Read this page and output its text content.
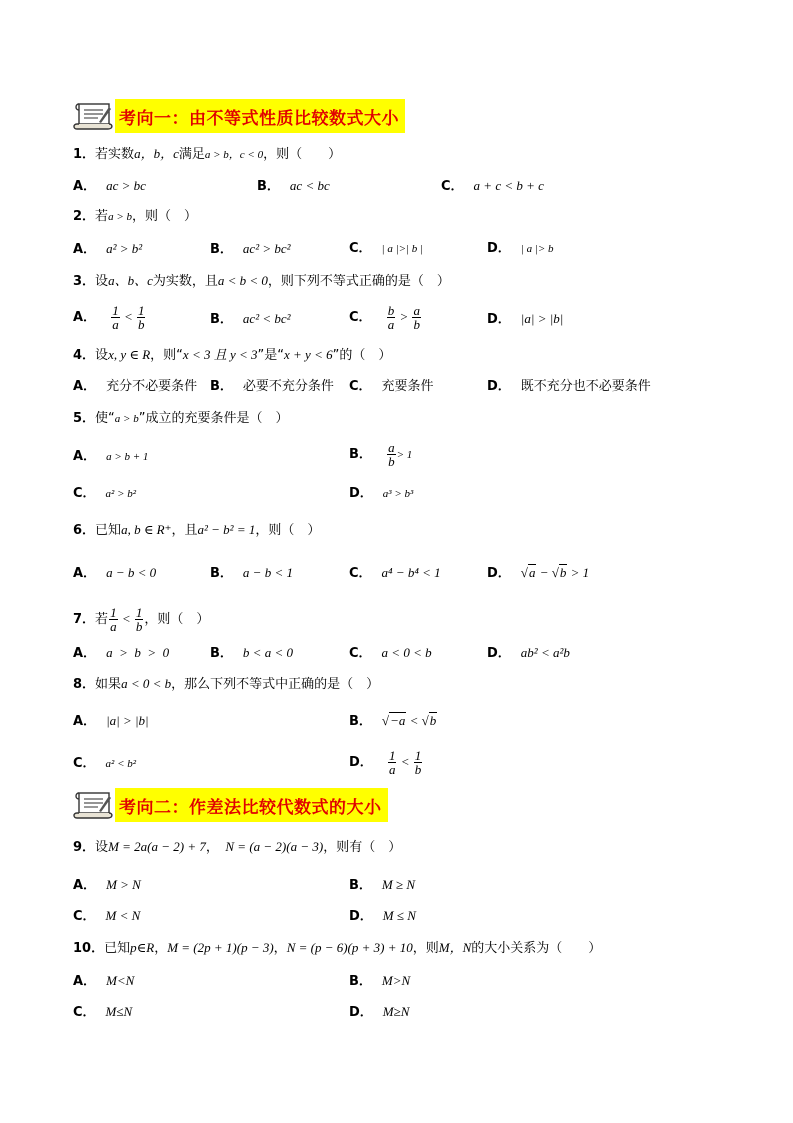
考向一：由不等式性质比较数式大小
1．若实数a，b，c满足a > b，c < 0，则（　　）
A． ac > bc	B． ac < bc	C． a + c < b + c
2．若a > b，则（　）
A． a² > b²	B． ac² > bc²	C． | a |>| b |	D． | a |> b
3．设a、b、c为实数，且a < b < 0，则下列不等式正确的是（　）
A． $\frac{1}{a} < \frac{1}{b}$	B． ac² < bc²	C． $\frac{b}{a} > \frac{a}{b}$	D． |a| > |b|
4．设x, y ∈ R，则“x < 3 且 y < 3”是“x + y < 6”的（　）
A． 充分不必要条件 B． 必要不充分条件 C． 充要条件	D． 既不充分也不必要条件
5．使“a > b”成立的充要条件是（　）
A． a > b + 1	B． $\frac{a}{b} > 1$
C． a² > b²	D． a³ > b³
6．已知a, b ∈ R⁺，且a² − b² = 1，则（　）
A． a − b < 0	B． a − b < 1	C． a⁴ − b⁴ < 1	D． √a − √b > 1
7．若 $\frac{1}{a} < \frac{1}{b}$ ，则（　）
A． a  >  b  >  0	B． b < a < 0	C． a < 0 < b	D． ab² < a²b
8．如果a < 0 < b，那么下列不等式中正确的是（　）
A． |a| > |b|	B． √−a < √b
C． a² < b²	D． $\frac{1}{a} < \frac{1}{b}$
考向二：作差法比较代数式的大小
9．设M = 2a(a − 2) + 7，　N = (a − 2)(a − 3)，则有（　）
A． M > N	B． M ≥ N
C． M < N	D． M ≤ N
10．已知p∈R，M = (2p + 1)(p − 3)，N = (p − 6)(p + 3) + 10，则M，N的大小关系为（　　）
A． M<N	B． M>N
C． M≤N	D． M≥N
